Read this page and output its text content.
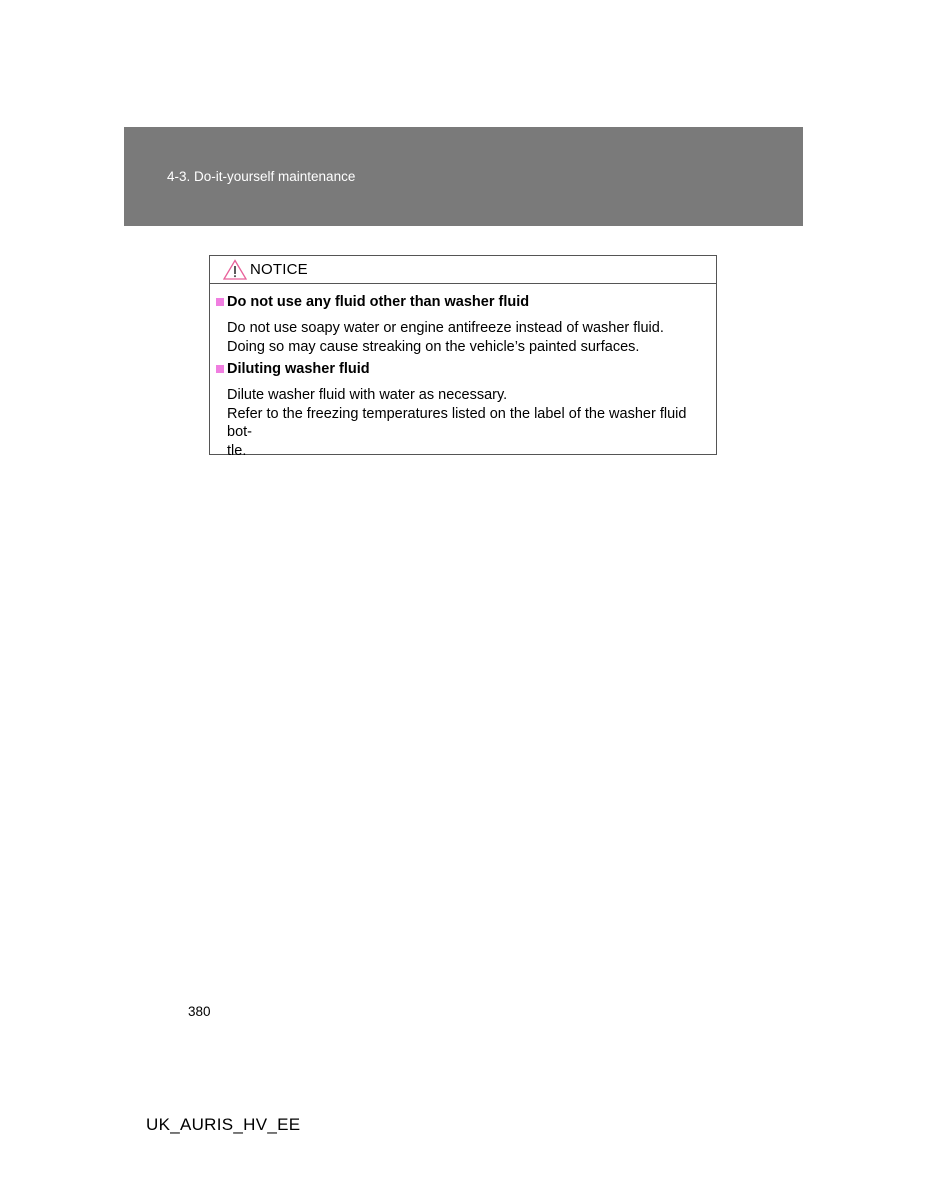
4-3. Do-it-yourself maintenance
NOTICE
Do not use any fluid other than washer fluid
Do not use soapy water or engine antifreeze instead of washer fluid.
Doing so may cause streaking on the vehicle’s painted surfaces.
Diluting washer fluid
Dilute washer fluid with water as necessary.
Refer to the freezing temperatures listed on the label of the washer fluid bot-
tle.
380
UK_AURIS_HV_EE
